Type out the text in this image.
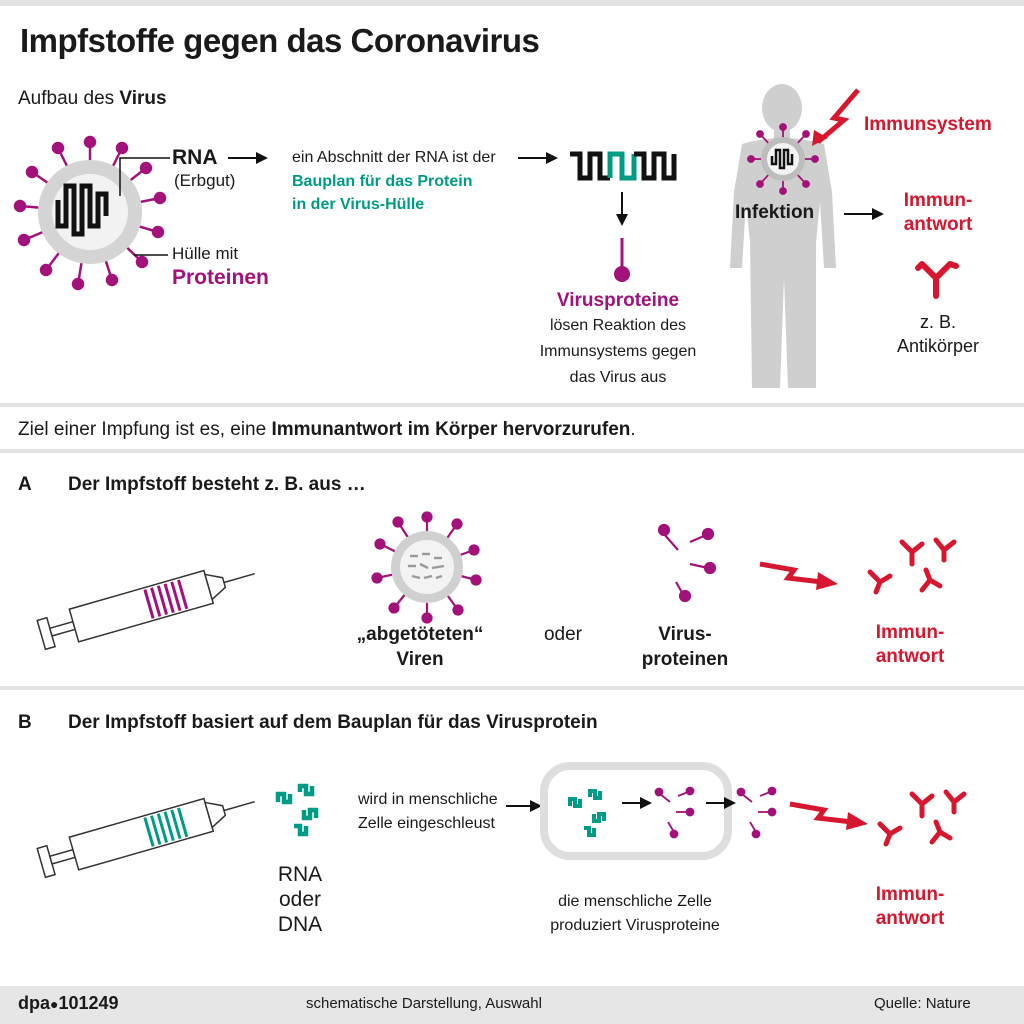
Impfstoffe gegen das Coronavirus
Aufbau des Virus
RNA
(Erbgut)
Hülle mit
Proteinen
ein Abschnitt der RNA ist der
Bauplan für das Protein
in der Virus-Hülle
Virusproteine
lösen Reaktion des
Immunsystems gegen
das Virus aus
Immunsystem
Infektion
Immun-
antwort
z. B.
Antikörper
Ziel einer Impfung ist es, eine Immunantwort im Körper hervorzurufen.
A Der Impfstoff besteht z. B. aus …
„abgetöteten“
Viren
oder	Virus-
proteinen
Immun-
antwort
B Der Impfstoff basiert auf dem Bauplan für das Virusprotein
RNA
oder
DNA
wird in menschliche
Zelle eingeschleust
die menschliche Zelle
produziert Virusproteine
Immun-
antwort
dpa●101249	schematische Darstellung, Auswahl	Quelle: Nature
